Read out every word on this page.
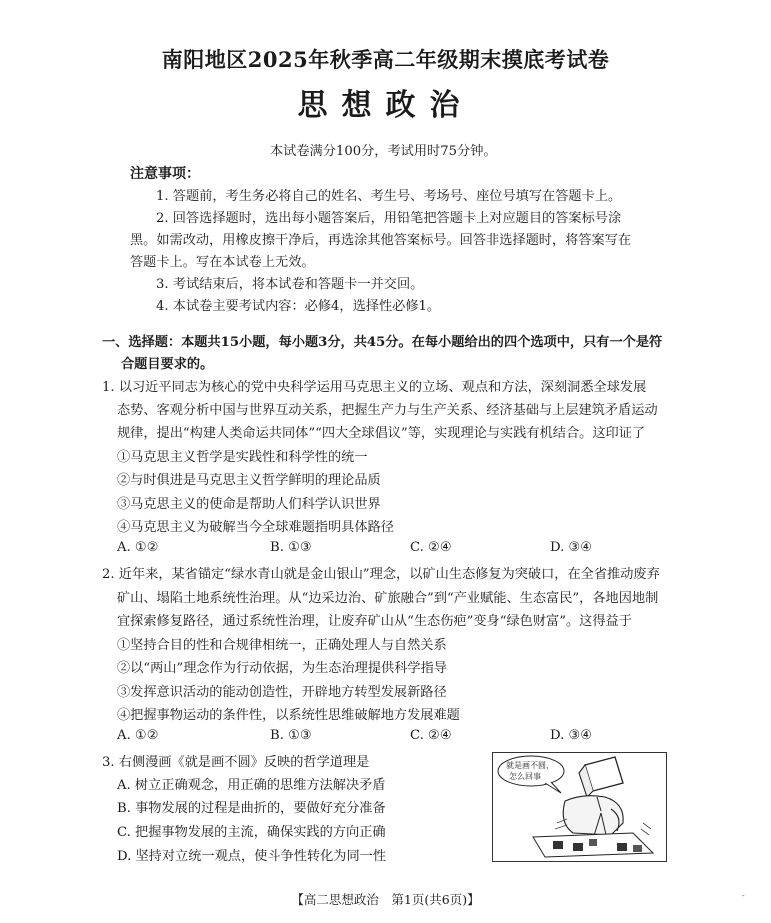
南阳地区2025年秋季高二年级期末摸底考试卷
思想政治
本试卷满分100分，考试用时75分钟。
注意事项：
1. 答题前，考生务必将自己的姓名、考生号、考场号、座位号填写在答题卡上。
2. 回答选择题时，选出每小题答案后，用铅笔把答题卡上对应题目的答案标号涂
黑。如需改动，用橡皮擦干净后，再选涂其他答案标号。回答非选择题时，将答案写在
答题卡上。写在本试卷上无效。
3. 考试结束后，将本试卷和答题卡一并交回。
4. 本试卷主要考试内容：必修4，选择性必修1。
一、选择题：本题共15小题，每小题3分，共45分。在每小题给出的四个选项中，只有一个是符
合题目要求的。
1. 以习近平同志为核心的党中央科学运用马克思主义的立场、观点和方法，深刻洞悉全球发展
态势、客观分析中国与世界互动关系，把握生产力与生产关系、经济基础与上层建筑矛盾运动
规律，提出“构建人类命运共同体”“四大全球倡议”等，实现理论与实践有机结合。这印证了
①马克思主义哲学是实践性和科学性的统一
②与时俱进是马克思主义哲学鲜明的理论品质
③马克思主义的使命是帮助人们科学认识世界
④马克思主义为破解当今全球难题指明具体路径
A. ①②	B. ①③	C. ②④	D. ③④
2. 近年来，某省锚定“绿水青山就是金山银山”理念，以矿山生态修复为突破口，在全省推动废弃
矿山、塌陷土地系统性治理。从“边采边治、矿旅融合”到“产业赋能、生态富民”，各地因地制
宜探索修复路径，通过系统性治理，让废弃矿山从“生态伤疤”变身“绿色财富”。这得益于
①坚持合目的性和合规律相统一，正确处理人与自然关系
②以“两山”理念作为行动依据，为生态治理提供科学指导
③发挥意识活动的能动创造性，开辟地方转型发展新路径
④把握事物运动的条件性，以系统性思维破解地方发展难题
A. ①②	B. ①③	C. ②④	D. ③④
3. 右侧漫画《就是画不圆》反映的哲学道理是
A. 树立正确观念，用正确的思维方法解决矛盾
B. 事物发展的过程是曲折的，要做好充分准备
C. 把握事物发展的主流，确保实践的方向正确
D. 坚持对立统一观点，使斗争性转化为同一性
就是画不圆，
怎么回事
【高二思想政治　第1页(共6页)】	-
